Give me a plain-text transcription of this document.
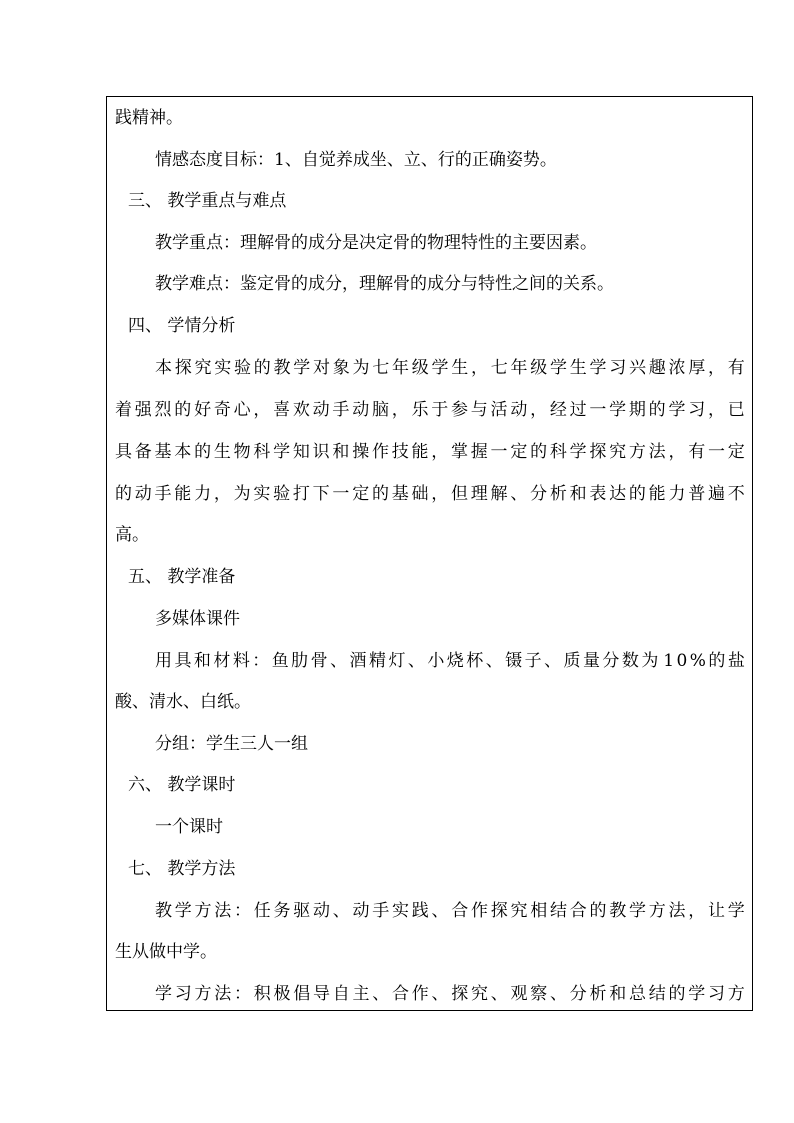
践精神。
情感态度目标：1、自觉养成坐、立、行的正确姿势。
三、 教学重点与难点
教学重点：理解骨的成分是决定骨的物理特性的主要因素。
教学难点：鉴定骨的成分，理解骨的成分与特性之间的关系。
四、 学情分析
本 探 究 实 验 的 教 学 对 象 为 七 年 级 学 生 ， 七 年 级 学 生 学 习 兴 趣 浓 厚 ， 有
着 强 烈 的 好 奇 心 ， 喜 欢 动 手 动 脑 ， 乐 于 参 与 活 动 ， 经 过 一 学 期 的 学 习 ， 已
具 备 基 本 的 生 物 科 学 知 识 和 操 作 技 能 ， 掌 握 一 定 的 科 学 探 究 方 法 ， 有 一 定
的 动 手 能 力 ， 为 实 验 打 下 一 定 的 基 础 ， 但 理 解 、 分 析 和 表 达 的 能 力 普 遍 不
高。
五、 教学准备
多媒体课件
用 具 和 材 料 ： 鱼 肋 骨 、 酒 精 灯 、 小 烧 杯 、 镊 子 、 质 量 分 数 为 1 0 % 的 盐
酸、清水、白纸。
分组：学生三人一组
六、 教学课时
一个课时
七、 教学方法
教 学 方 法 ： 任 务 驱 动 、 动 手 实 践 、 合 作 探 究 相 结 合 的 教 学 方 法 ， 让 学
生从做中学。
学 习 方 法 ： 积 极 倡 导 自 主 、 合 作 、 探 究 、 观 察 、 分 析 和 总 结 的 学 习 方
